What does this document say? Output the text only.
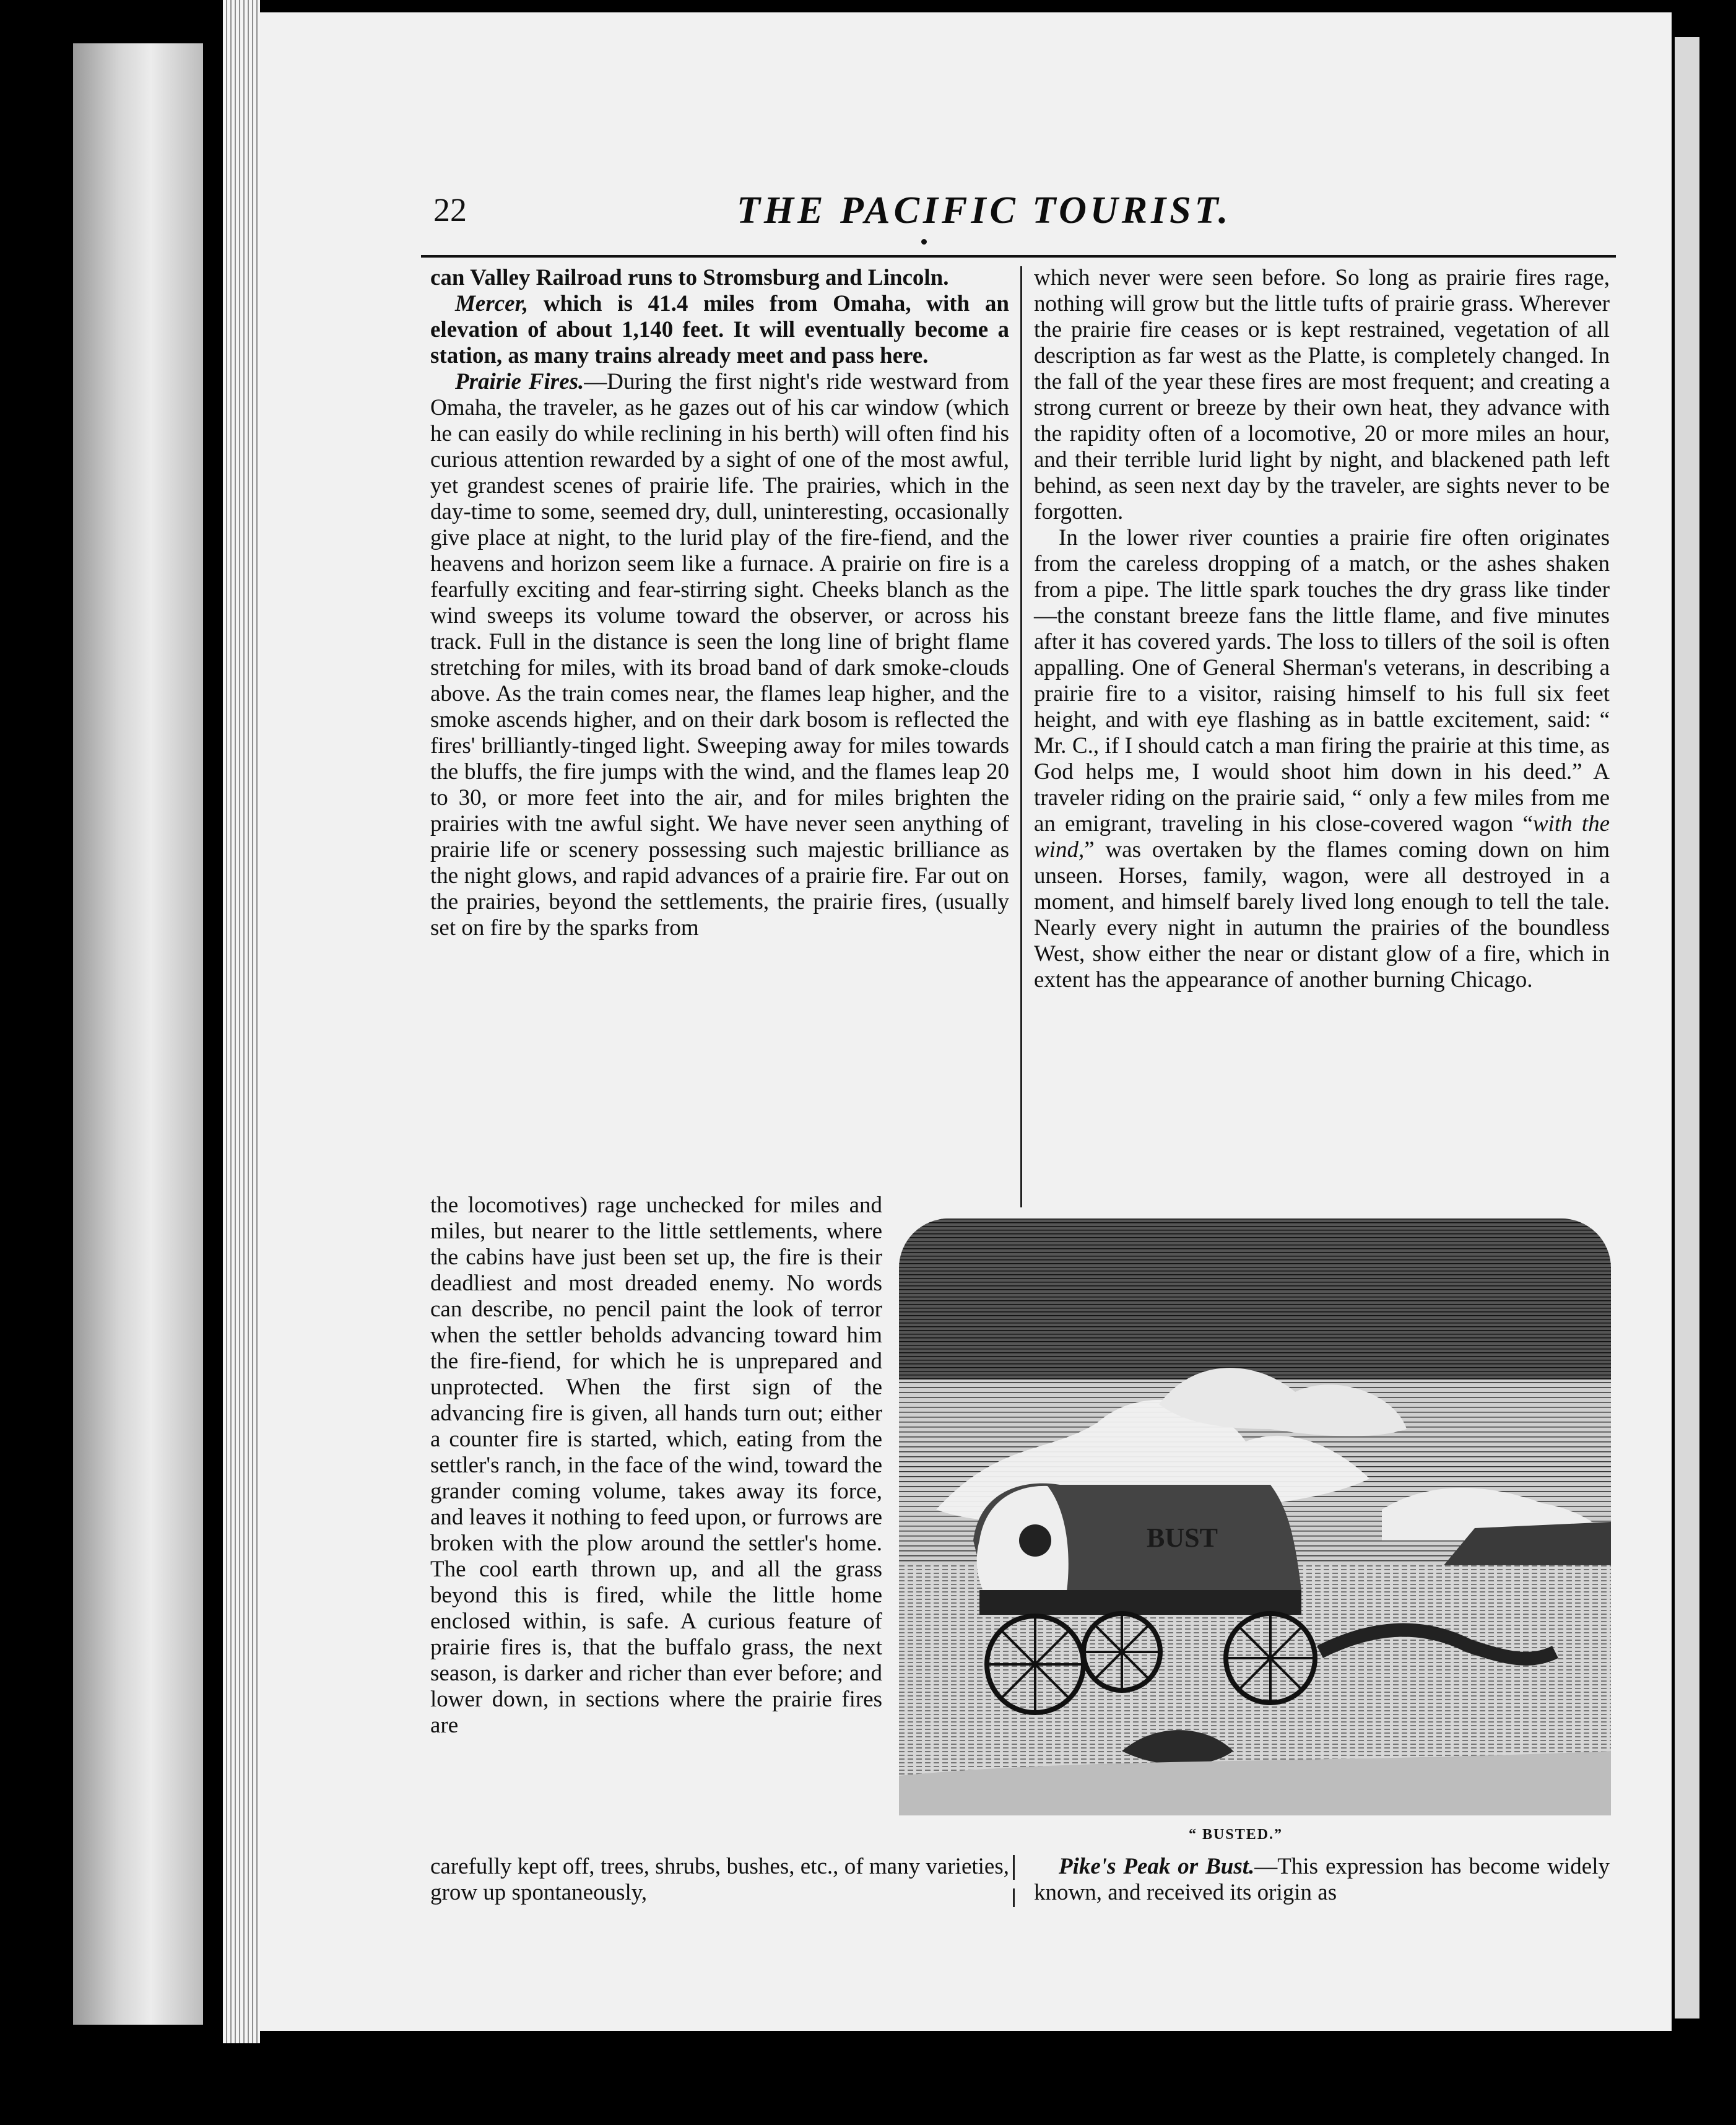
22	THE PACIFIC TOURIST.

can Valley Railroad runs to Stromsburg and Lincoln.

Mercer, which is 41.4 miles from Omaha, with an elevation of about 1,140 feet. It will eventually become a station, as many trains already meet and pass here.

Prairie Fires.—During the first night's ride westward from Omaha, the traveler, as he gazes out of his car window (which he can easily do while reclining in his berth) will often find his curious attention rewarded by a sight of one of the most awful, yet grandest scenes of prairie life. The prairies, which in the day-time to some, seemed dry, dull, uninteresting, occasionally give place at night, to the lurid play of the fire-fiend, and the heavens and horizon seem like a furnace. A prairie on fire is a fearfully exciting and fear-stirring sight. Cheeks blanch as the wind sweeps its volume toward the observer, or across his track. Full in the distance is seen the long line of bright flame stretching for miles, with its broad band of dark smoke-clouds above. As the train comes near, the flames leap higher, and the smoke ascends higher, and on their dark bosom is reflected the fires' brilliantly-tinged light. Sweeping away for miles towards the bluffs, the fire jumps with the wind, and the flames leap 20 to 30, or more feet into the air, and for miles brighten the prairies with tne awful sight. We have never seen anything of prairie life or scenery possessing such majestic brilliance as the night glows, and rapid advances of a prairie fire. Far out on the prairies, beyond the settlements, the prairie fires, (usually set on fire by the sparks from

the locomotives) rage unchecked for miles and miles, but nearer to the little settlements, where the cabins have just been set up, the fire is their deadliest and most dreaded enemy. No words can describe, no pencil paint the look of terror when the settler beholds advancing toward him the fire-fiend, for which he is unprepared and unprotected. When the first sign of the advancing fire is given, all hands turn out; either a counter fire is started, which, eating from the settler's ranch, in the face of the wind, toward the grander coming volume, takes away its force, and leaves it nothing to feed upon, or furrows are broken with the plow around the settler's home. The cool earth thrown up, and all the grass beyond this is fired, while the little home enclosed within, is safe. A curious feature of prairie fires is, that the buffalo grass, the next season, is darker and richer than ever before; and lower down, in sections where the prairie fires are

carefully kept off, trees, shrubs, bushes, etc., of many varieties, grow up spontaneously,

which never were seen before. So long as prairie fires rage, nothing will grow but the little tufts of prairie grass. Wherever the prairie fire ceases or is kept restrained, vegetation of all description as far west as the Platte, is completely changed. In the fall of the year these fires are most frequent; and creating a strong current or breeze by their own heat, they advance with the rapidity often of a locomotive, 20 or more miles an hour, and their terrible lurid light by night, and blackened path left behind, as seen next day by the traveler, are sights never to be forgotten.

In the lower river counties a prairie fire often originates from the careless dropping of a match, or the ashes shaken from a pipe. The little spark touches the dry grass like tinder—the constant breeze fans the little flame, and five minutes after it has covered yards. The loss to tillers of the soil is often appalling. One of General Sherman's veterans, in describing a prairie fire to a visitor, raising himself to his full six feet height, and with eye flashing as in battle excitement, said: “ Mr. C., if I should catch a man firing the prairie at this time, as God helps me, I would shoot him down in his deed.” A traveler riding on the prairie said, “ only a few miles from me an emigrant, traveling in his close-covered wagon “with the wind,” was overtaken by the flames coming down on him unseen. Horses, family, wagon, were all destroyed in a moment, and himself barely lived long enough to tell the tale. Nearly every night in autumn the prairies of the boundless West, show either the near or distant glow of a fire, which in extent has the appearance of another burning Chicago.

BUST
“ BUSTED.”

Pike's Peak or Bust.—This expression has become widely known, and received its origin as
